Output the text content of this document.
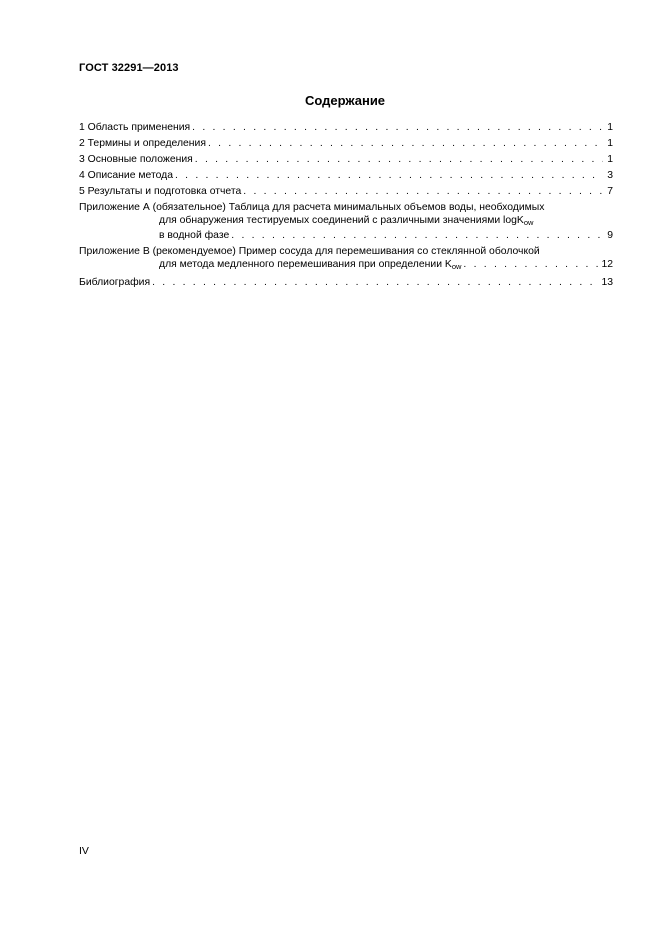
ГОСТ 32291—2013
Содержание
1 Область применения . . .	1
2 Термины и определения . . .	1
3 Основные положения . . .	1
4 Описание метода . . .	3
5 Результаты и подготовка отчета . . .	7
Приложение А (обязательное) Таблица для расчета минимальных объемов воды, необходимых
для обнаружения тестируемых соединений с различными значениями logK$_{ow}$
в водной фазе . . .	9
Приложение В (рекомендуемое) Пример сосуда для перемешивания со стеклянной оболочкой
для метода медленного перемешивания при определении $K_{ow}$ . . .	12
Библиография . . .	13
IV
